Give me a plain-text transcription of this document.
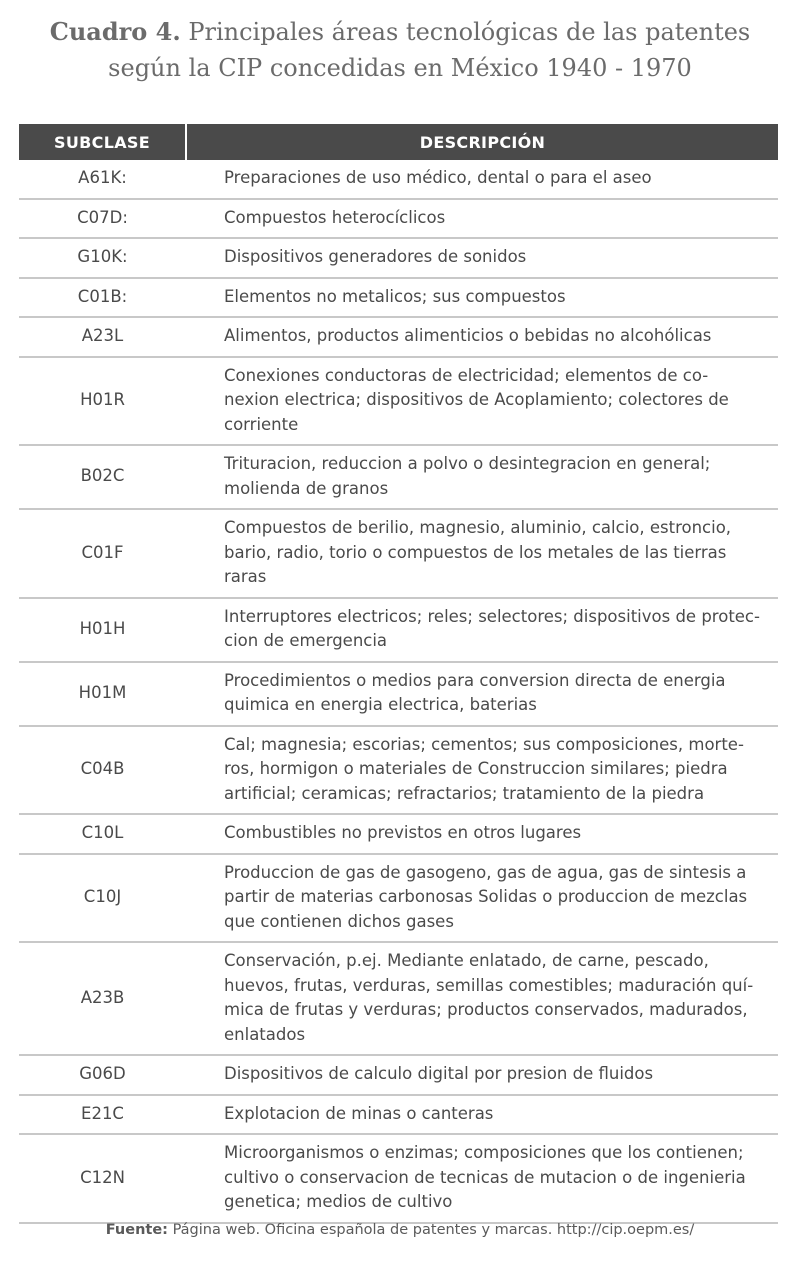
Cuadro 4. Principales áreas tecnológicas de las patentes
según la CIP concedidas en México 1940 - 1970
SUBCLASE	DESCRIPCIÓN
A61K:	Preparaciones de uso médico, dental o para el aseo

C07D:	Compuestos heterocíclicos

G10K:	Dispositivos generadores de sonidos

C01B:	Elementos no metalicos; sus compuestos

A23L	Alimentos, productos alimenticios o bebidas no alcohólicas

H01R	Conexiones conductoras de electricidad; elementos de co-
nexion electrica; dispositivos de Acoplamiento; colectores de
corriente

B02C	Trituracion, reduccion a polvo o desintegracion en general;
molienda de granos

C01F	Compuestos de berilio, magnesio, aluminio, calcio, estroncio,
bario, radio, torio o compuestos de los metales de las tierras raras

H01H	Interruptores electricos; reles; selectores; dispositivos de protec-
cion de emergencia

H01M	Procedimientos o medios para conversion directa de energia
quimica en energia electrica, baterias

C04B	Cal; magnesia; escorias; cementos; sus composiciones, morte-
ros, hormigon o materiales de Construccion similares; piedra
artificial; ceramicas; refractarios; tratamiento de la piedra

C10L	Combustibles no previstos en otros lugares

C10J	Produccion de gas de gasogeno, gas de agua, gas de sintesis a
partir de materias carbonosas Solidas o produccion de mezclas
que contienen dichos gases

A23B	Conservación, p.ej. Mediante enlatado, de carne, pescado,
huevos, frutas, verduras, semillas comestibles; maduración quí-
mica de frutas y verduras; productos conservados, madurados,
enlatados

G06D	Dispositivos de calculo digital por presion de fluidos

E21C	Explotacion de minas o canteras

C12N	Microorganismos o enzimas; composiciones que los contienen;
cultivo o conservacion de tecnicas de mutacion o de ingenieria
genetica; medios de cultivo
Fuente: Página web. Oficina española de patentes y marcas. http://cip.oepm.es/
